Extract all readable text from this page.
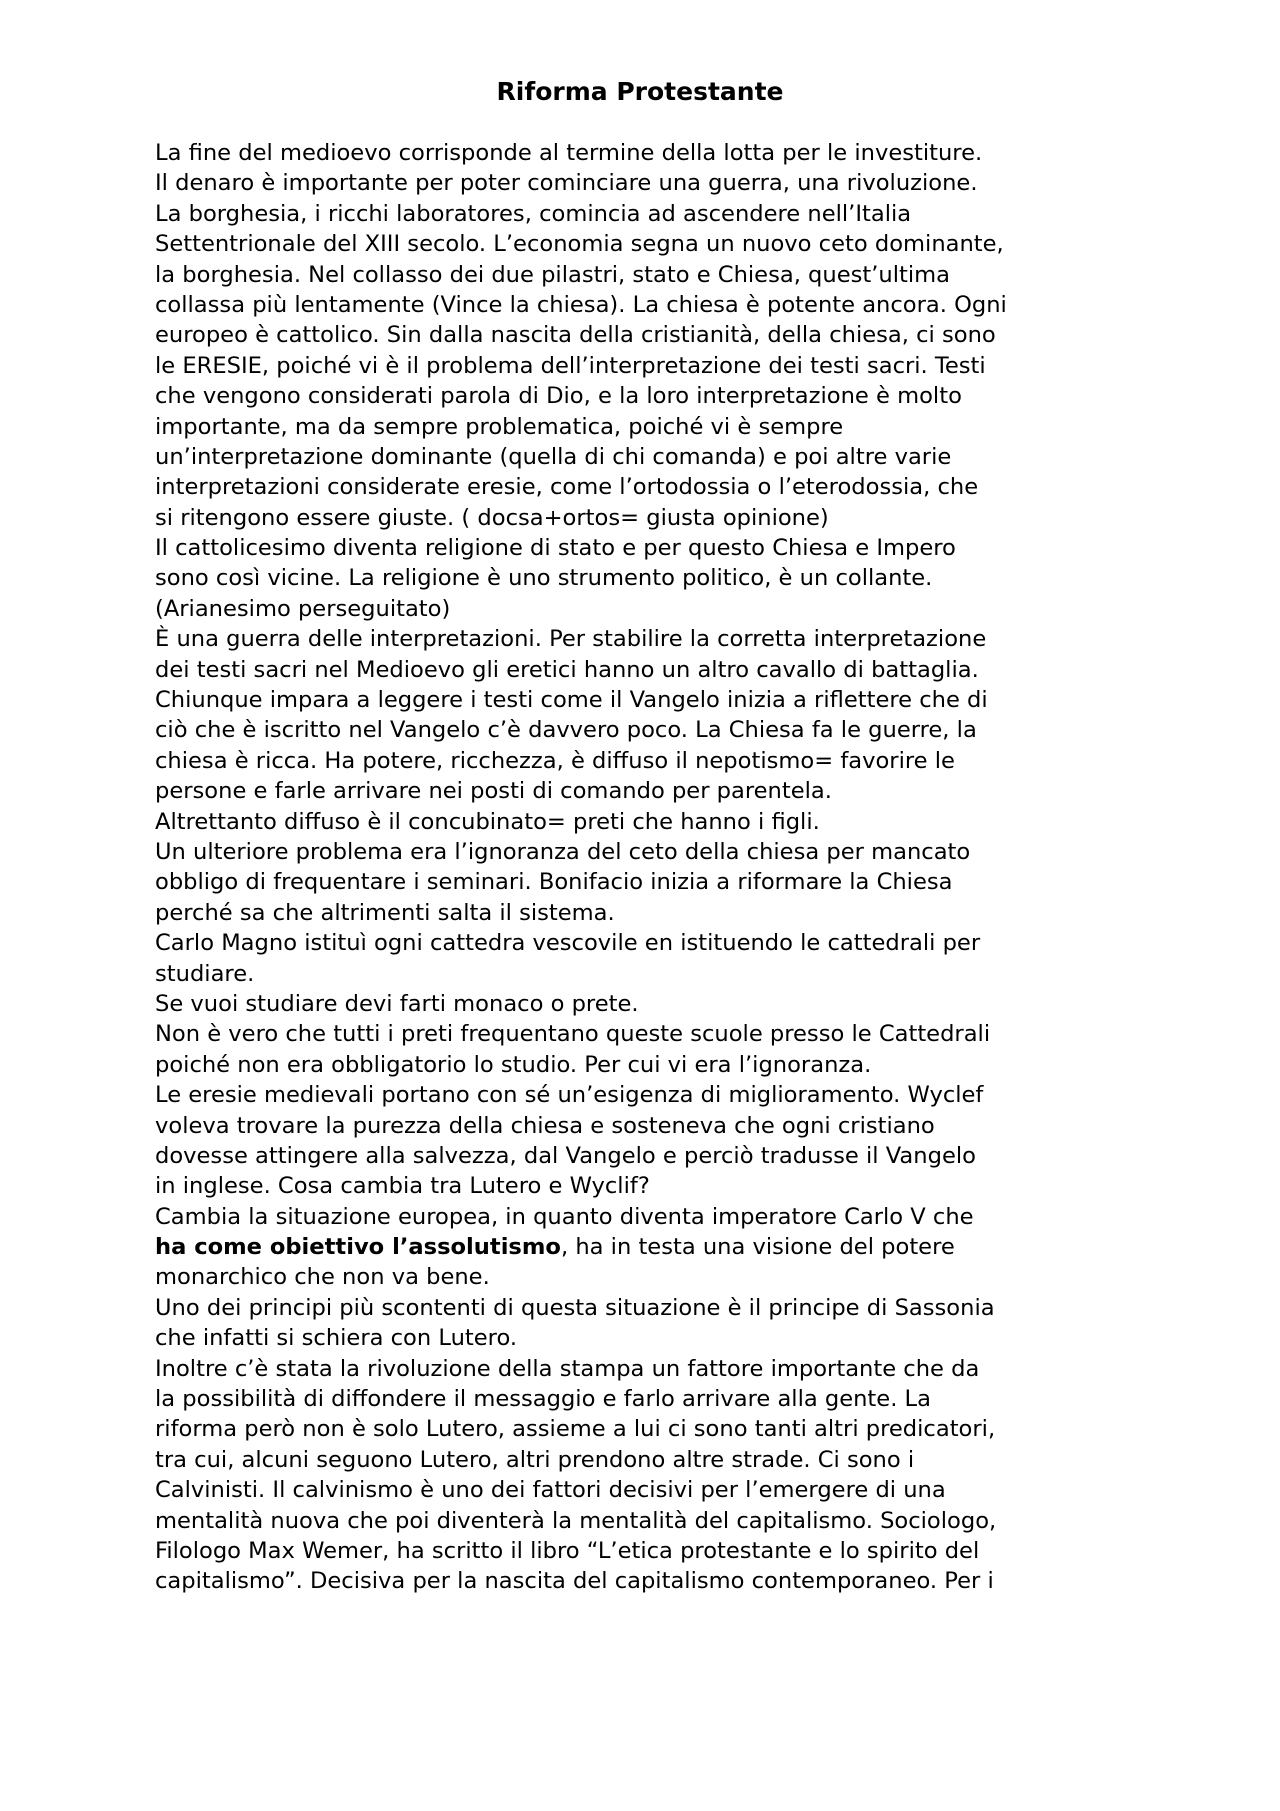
Riforma Protestante
La fine del medioevo corrisponde al termine della lotta per le investiture.
Il denaro è importante per poter cominciare una guerra, una rivoluzione.
La borghesia, i ricchi laboratores, comincia ad ascendere nell’Italia
Settentrionale del XIII secolo. L’economia segna un nuovo ceto dominante,
la borghesia. Nel collasso dei due pilastri, stato e Chiesa, quest’ultima
collassa più lentamente (Vince la chiesa). La chiesa è potente ancora. Ogni
europeo è cattolico. Sin dalla nascita della cristianità, della chiesa, ci sono
le ERESIE, poiché vi è il problema dell’interpretazione dei testi sacri. Testi
che vengono considerati parola di Dio, e la loro interpretazione è molto
importante, ma da sempre problematica, poiché vi è sempre
un’interpretazione dominante (quella di chi comanda) e poi altre varie
interpretazioni considerate eresie, come l’ortodossia o l’eterodossia, che
si ritengono essere giuste. ( docsa+ortos= giusta opinione)
Il cattolicesimo diventa religione di stato e per questo Chiesa e Impero
sono così vicine. La religione è uno strumento politico, è un collante.
(Arianesimo perseguitato)
È una guerra delle interpretazioni. Per stabilire la corretta interpretazione
dei testi sacri nel Medioevo gli eretici hanno un altro cavallo di battaglia.
Chiunque impara a leggere i testi come il Vangelo inizia a riflettere che di
ciò che è iscritto nel Vangelo c’è davvero poco. La Chiesa fa le guerre, la
chiesa è ricca. Ha potere, ricchezza, è diffuso il nepotismo= favorire le
persone e farle arrivare nei posti di comando per parentela.
Altrettanto diffuso è il concubinato= preti che hanno i figli.
Un ulteriore problema era l’ignoranza del ceto della chiesa per mancato
obbligo di frequentare i seminari. Bonifacio inizia a riformare la Chiesa
perché sa che altrimenti salta il sistema.
Carlo Magno istituì ogni cattedra vescovile en istituendo le cattedrali per
studiare.
Se vuoi studiare devi farti monaco o prete.
Non è vero che tutti i preti frequentano queste scuole presso le Cattedrali
poiché non era obbligatorio lo studio. Per cui vi era l’ignoranza.
Le eresie medievali portano con sé un’esigenza di miglioramento. Wyclef
voleva trovare la purezza della chiesa e sosteneva che ogni cristiano
dovesse attingere alla salvezza, dal Vangelo e perciò tradusse il Vangelo
in inglese. Cosa cambia tra Lutero e Wyclif?
Cambia la situazione europea, in quanto diventa imperatore Carlo V che
ha come obiettivo l’assolutismo, ha in testa una visione del potere
monarchico che non va bene.
Uno dei principi più scontenti di questa situazione è il principe di Sassonia
che infatti si schiera con Lutero.
Inoltre c’è stata la rivoluzione della stampa un fattore importante che da
la possibilità di diffondere il messaggio e farlo arrivare alla gente. La
riforma però non è solo Lutero, assieme a lui ci sono tanti altri predicatori,
tra cui, alcuni seguono Lutero, altri prendono altre strade. Ci sono i
Calvinisti. Il calvinismo è uno dei fattori decisivi per l’emergere di una
mentalità nuova che poi diventerà la mentalità del capitalismo. Sociologo,
Filologo Max Wemer, ha scritto il libro “L’etica protestante e lo spirito del
capitalismo”. Decisiva per la nascita del capitalismo contemporaneo. Per i
